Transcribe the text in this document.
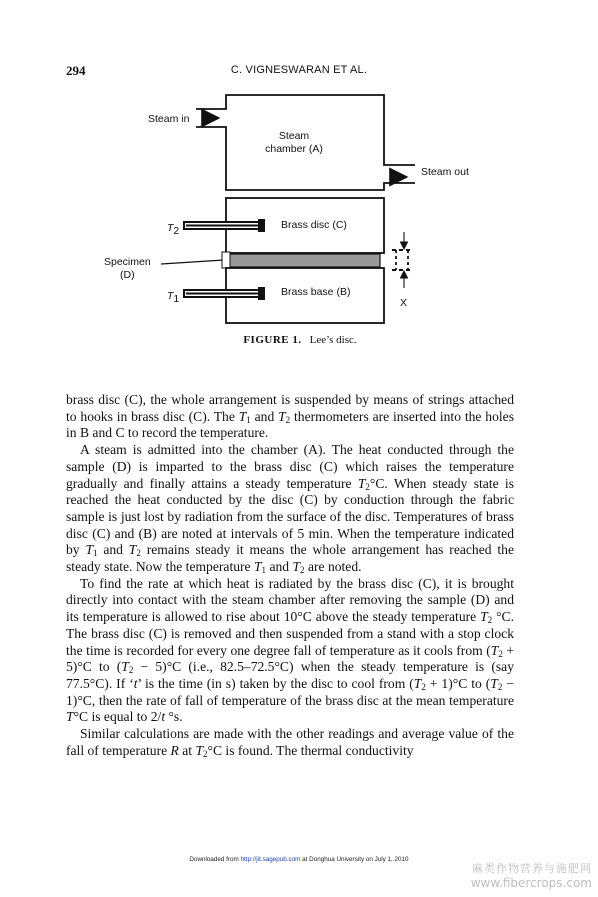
294	C. VIGNESWARAN ET AL.
Steam in
Steam
chamber (A)
Steam out
T2	Brass disc (C)
Specimen
(D)
T1
Brass base (B)
X
FIGURE 1. Lee’s disc.

brass disc (C), the whole arrangement is suspended by means of strings attached to hooks in brass disc (C). The $T_1$ and $T_2$ thermometers are inserted into the holes in B and C to record the temperature.

A steam is admitted into the chamber (A). The heat conducted through the sample (D) is imparted to the brass disc (C) which raises the temperature gradually and finally attains a steady temperature $T_2^\circ C$. When steady state is reached the heat conducted by the disc (C) by conduction through the fabric sample is just lost by radiation from the surface of the disc. Temperatures of brass disc (C) and (B) are noted at intervals of 5 min. When the temperature indicated by $T_1$ and $T_2$ remains steady it means the whole arrangement has reached the steady state. Now the temperature $T_1$ and $T_2$ are noted.

To find the rate at which heat is radiated by the brass disc (C), it is brought directly into contact with the steam chamber after removing the sample (D) and its temperature is allowed to rise about 10°C above the steady temperature $T_2$ °C. The brass disc (C) is removed and then suspended from a stand with a stop clock the time is recorded for every one degree fall of temperature as it cools from $(T_2 + 5)^\circ C$ to $(T_2 - 5)^\circ C$ (i.e., 82.5–72.5°C) when the steady temperature is (say 77.5°C). If ‘t’ is the time (in s) taken by the disc to cool from $(T_2 + 1)^\circ C$ to $(T_2 - 1)^\circ C$, then the rate of fall of temperature of the brass disc at the mean temperature T°C is equal to 2/t °s.

Similar calculations are made with the other readings and average value of the fall of temperature R at $T_2^\circ C$ is found. The thermal conductivity

Downloaded from http://jit.sagepub.com at Donghua University on July 1, 2010
麻类作物营养与施肥网
www.fibercrops.com
